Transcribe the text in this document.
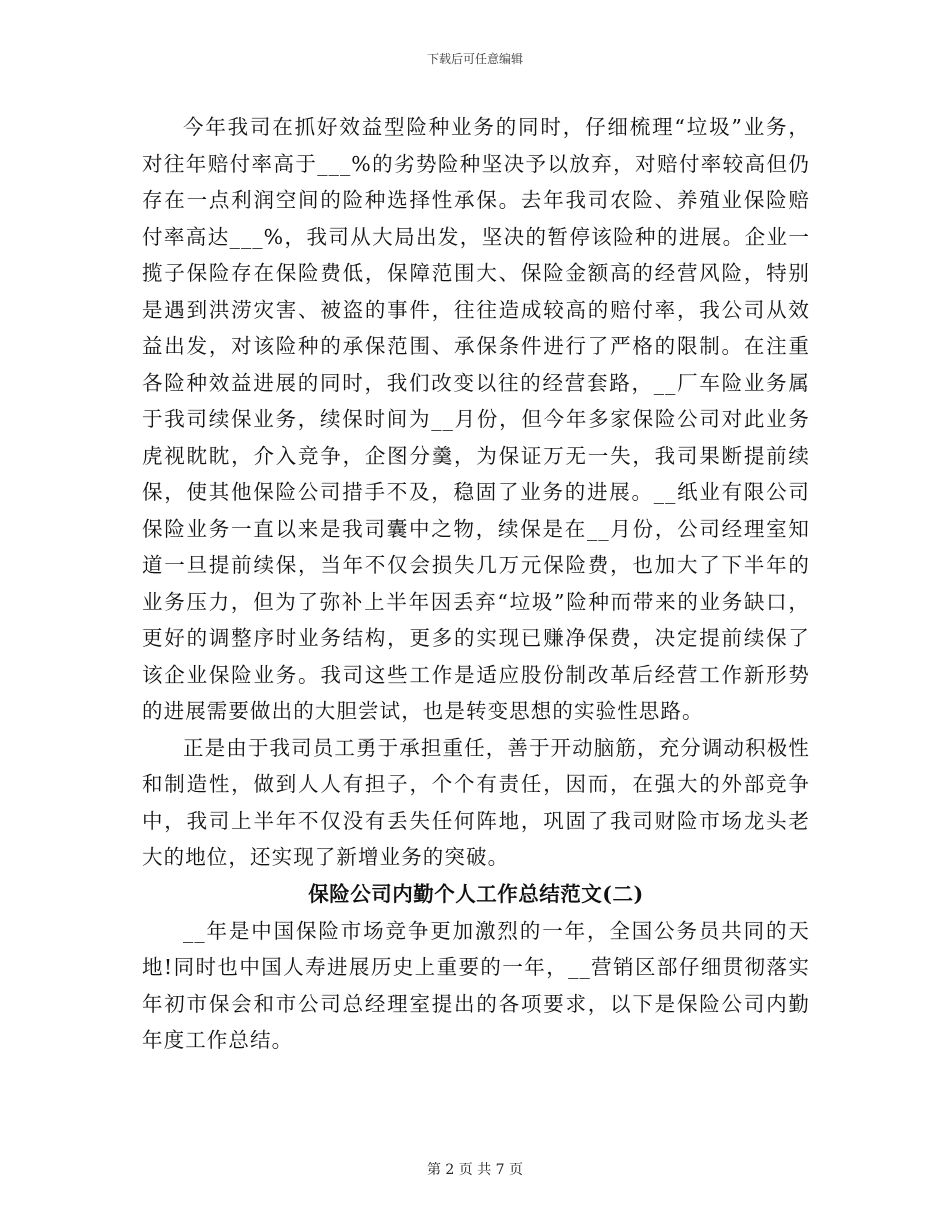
下载后可任意编辑

今年我司在抓好效益型险种业务的同时，仔细梳理“垃圾”业务，对往年赔付率高于___%的劣势险种坚决予以放弃，对赔付率较高但仍存在一点利润空间的险种选择性承保。去年我司农险、养殖业保险赔付率高达___%，我司从大局出发，坚决的暂停该险种的进展。企业一揽子保险存在保险费低，保障范围大、保险金额高的经营风险，特别是遇到洪涝灾害、被盗的事件，往往造成较高的赔付率，我公司从效益出发，对该险种的承保范围、承保条件进行了严格的限制。在注重各险种效益进展的同时，我们改变以往的经营套路，__厂车险业务属于我司续保业务，续保时间为__月份，但今年多家保险公司对此业务虎视眈眈，介入竞争，企图分羹，为保证万无一失，我司果断提前续保，使其他保险公司措手不及，稳固了业务的进展。__纸业有限公司保险业务一直以来是我司囊中之物，续保是在__月份，公司经理室知道一旦提前续保，当年不仅会损失几万元保险费，也加大了下半年的业务压力，但为了弥补上半年因丢弃“垃圾”险种而带来的业务缺口，更好的调整序时业务结构，更多的实现已赚净保费，决定提前续保了该企业保险业务。我司这些工作是适应股份制改革后经营工作新形势的进展需要做出的大胆尝试，也是转变思想的实验性思路。

正是由于我司员工勇于承担重任，善于开动脑筋，充分调动积极性和制造性，做到人人有担子，个个有责任，因而，在强大的外部竞争中，我司上半年不仅没有丢失任何阵地，巩固了我司财险市场龙头老大的地位，还实现了新增业务的突破。

保险公司内勤个人工作总结范文(二)

__年是中国保险市场竞争更加激烈的一年，全国公务员共同的天地!同时也中国人寿进展历史上重要的一年，__营销区部仔细贯彻落实年初市保会和市公司总经理室提出的各项要求，以下是保险公司内勤年度工作总结。

第 2 页 共 7 页
